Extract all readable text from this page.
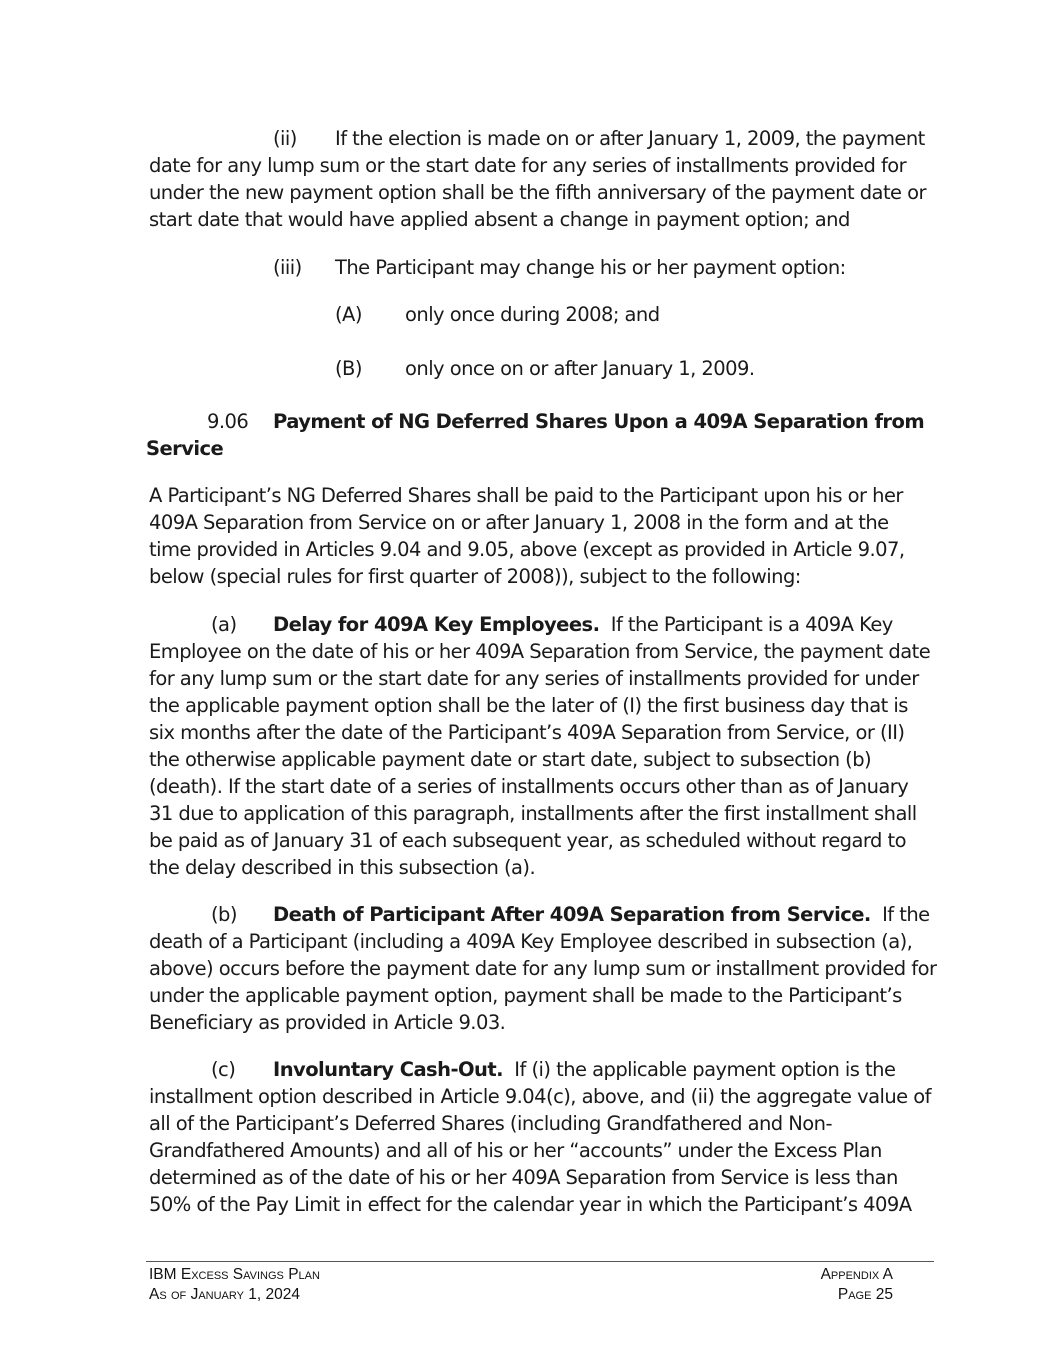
(ii) If the election is made on or after January 1, 2009, the payment

date for any lump sum or the start date for any series of installments provided for under the new payment option shall be the fifth anniversary of the payment date or start date that would have applied absent a change in payment option; and

(iii) The Participant may change his or her payment option:
(A) only once during 2008; and
(B) only once on or after January 1, 2009.
9.06 Payment of NG Deferred Shares Upon a 409A Separation from
Service

A Participant’s NG Deferred Shares shall be paid to the Participant upon his or her 409A Separation from Service on or after January 1, 2008 in the form and at the time provided in Articles 9.04 and 9.05, above (except as provided in Article 9.07, below (special rules for first quarter of 2008)), subject to the following:

(a) Delay for 409A Key Employees. If the Participant is a 409A Key

Employee on the date of his or her 409A Separation from Service, the payment date for any lump sum or the start date for any series of installments provided for under the applicable payment option shall be the later of (I) the first business day that is six months after the date of the Participant’s 409A Separation from Service, or (II) the otherwise applicable payment date or start date, subject to subsection (b) (death). If the start date of a series of installments occurs other than as of January 31 due to application of this paragraph, installments after the first installment shall be paid as of January 31 of each subsequent year, as scheduled without regard to the delay described in this subsection (a).

(b) Death of Participant After 409A Separation from Service. If the

death of a Participant (including a 409A Key Employee described in subsection (a), above) occurs before the payment date for any lump sum or installment provided for under the applicable payment option, payment shall be made to the Participant’s Beneficiary as provided in Article 9.03.

(c) Involuntary Cash-Out. If (i) the applicable payment option is the

installment option described in Article 9.04(c), above, and (ii) the aggregate value of all of the Participant’s Deferred Shares (including Grandfathered and Non-Grandfathered Amounts) and all of his or her “accounts” under the Excess Plan determined as of the date of his or her 409A Separation from Service is less than 50% of the Pay Limit in effect for the calendar year in which the Participant’s 409A

IBM Excess Savings Plan
As of January 1, 2024
Appendix A
Page 25
